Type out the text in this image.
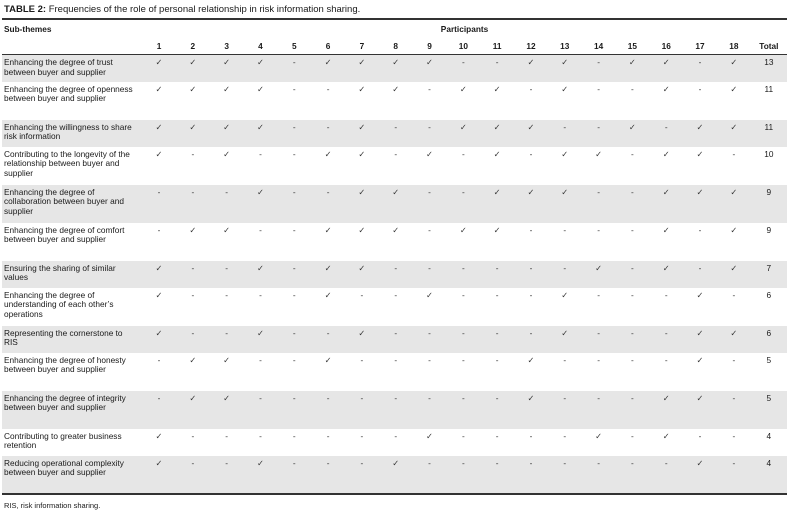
TABLE 2: Frequencies of the role of personal relationship in risk information sharing.
Sub-themes	Participants																		
	1	2	3	4	5	6	7	8	9	10	11	12	13	14	15	16	17	18	Total
Enhancing the degree of trust between buyer and supplier	✓	✓	✓	✓	-	✓	✓	✓	✓	-	-	✓	✓	-	✓	✓	-	✓	13
Enhancing the degree of openness between buyer and supplier	✓	✓	✓	✓	-	-	✓	✓	-	✓	✓	-	✓	-	-	✓	-	✓	11
Enhancing the willingness to share risk information	✓	✓	✓	✓	-	-	✓	-	-	✓	✓	✓	-	-	✓	-	✓	✓	11
Contributing to the longevity of the relationship between buyer and supplier	✓	-	✓	-	-	✓	✓	-	✓	-	✓	-	✓	✓	-	✓	✓	-	10
Enhancing the degree of collaboration between buyer and supplier	-	-	-	✓	-	-	✓	✓	-	-	✓	✓	✓	-	-	✓	✓	✓	9
Enhancing the degree of comfort between buyer and supplier	-	✓	✓	-	-	✓	✓	✓	-	✓	✓	-	-	-	-	✓	-	✓	9
Ensuring the sharing of similar values	✓	-	-	✓	-	✓	✓	-	-	-	-	-	-	✓	-	✓	-	✓	7
Enhancing the degree of understanding of each other’s operations	✓	-	-	-	-	✓	-	-	✓	-	-	-	✓	-	-	-	✓	-	6
Representing the cornerstone to RIS	✓	-	-	✓	-	-	✓	-	-	-	-	-	✓	-	-	-	✓	✓	6
Enhancing the degree of honesty between buyer and supplier	-	✓	✓	-	-	✓	-	-	-	-	-	✓	-	-	-	-	✓	-	5
Enhancing the degree of integrity between buyer and supplier	-	✓	✓	-	-	-	-	-	-	-	-	✓	-	-	-	✓	✓	-	5
Contributing to greater business retention	✓	-	-	-	-	-	-	-	✓	-	-	-	-	✓	-	✓	-	-	4
Reducing operational complexity between buyer and supplier	✓	-	-	✓	-	-	-	✓	-	-	-	-	-	-	-	-	✓	-	4
RIS, risk information sharing.
